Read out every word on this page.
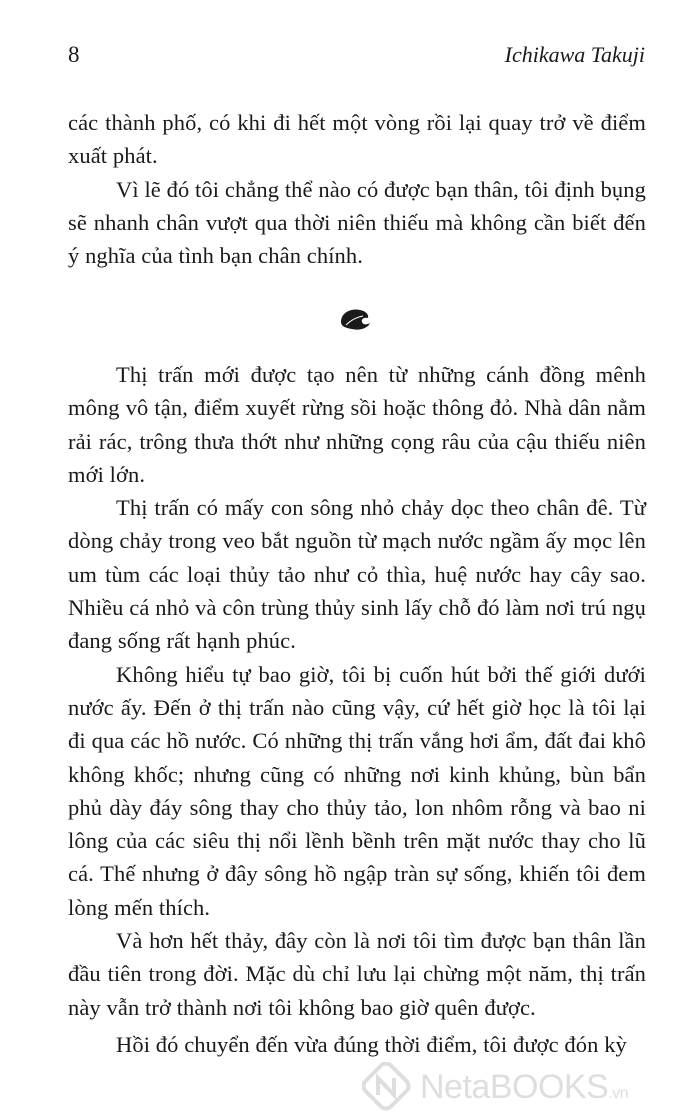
8	Ichikawa Takuji

các thành phố, có khi đi hết một vòng rồi lại quay trở về điểm xuất phát.

Vì lẽ đó tôi chẳng thể nào có được bạn thân, tôi định bụng sẽ nhanh chân vượt qua thời niên thiếu mà không cần biết đến ý nghĩa của tình bạn chân chính.

Thị trấn mới được tạo nên từ những cánh đồng mênh mông vô tận, điểm xuyết rừng sồi hoặc thông đỏ. Nhà dân nằm rải rác, trông thưa thớt như những cọng râu của cậu thiếu niên mới lớn.

Thị trấn có mấy con sông nhỏ chảy dọc theo chân đê. Từ dòng chảy trong veo bắt nguồn từ mạch nước ngầm ấy mọc lên um tùm các loại thủy tảo như cỏ thìa, huệ nước hay cây sao. Nhiều cá nhỏ và côn trùng thủy sinh lấy chỗ đó làm nơi trú ngụ đang sống rất hạnh phúc.

Không hiểu tự bao giờ, tôi bị cuốn hút bởi thế giới dưới nước ấy. Đến ở thị trấn nào cũng vậy, cứ hết giờ học là tôi lại đi qua các hồ nước. Có những thị trấn vắng hơi ẩm, đất đai khô không khốc; nhưng cũng có những nơi kinh khủng, bùn bẩn phủ dày đáy sông thay cho thủy tảo, lon nhôm rỗng và bao ni lông của các siêu thị nổi lềnh bềnh trên mặt nước thay cho lũ cá. Thế nhưng ở đây sông hồ ngập tràn sự sống, khiến tôi đem lòng mến thích.

Và hơn hết thảy, đây còn là nơi tôi tìm được bạn thân lần đầu tiên trong đời. Mặc dù chỉ lưu lại chừng một năm, thị trấn này vẫn trở thành nơi tôi không bao giờ quên được.

Hồi đó chuyển đến vừa đúng thời điểm, tôi được đón kỳ

NetaBOOKS.vn
